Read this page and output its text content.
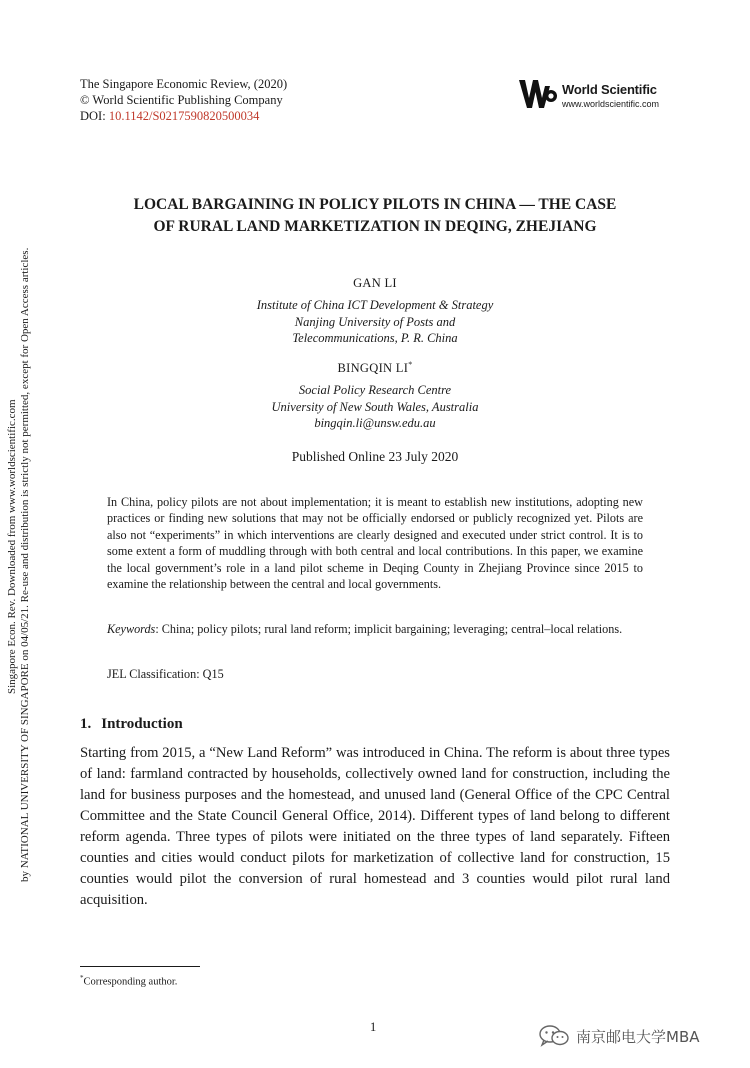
The Singapore Economic Review, (2020)
© World Scientific Publishing Company
DOI: 10.1142/S0217590820500034
World Scientific
www.worldscientific.com
Singapore Econ. Rev. Downloaded from www.worldscientific.com by NATIONAL UNIVERSITY OF SINGAPORE on 04/05/21. Re-use and distribution is strictly not permitted, except for Open Access articles.
LOCAL BARGAINING IN POLICY PILOTS IN CHINA — THE CASE
OF RURAL LAND MARKETIZATION IN DEQING, ZHEJIANG
GAN LI
Institute of China ICT Development & Strategy
Nanjing University of Posts and
Telecommunications, P. R. China
BINGQIN LI*
Social Policy Research Centre
University of New South Wales, Australia
bingqin.li@unsw.edu.au
Published Online 23 July 2020
In China, policy pilots are not about implementation; it is meant to establish new institutions, adopting new practices or finding new solutions that may not be officially endorsed or publicly recognized yet. Pilots are also not “experiments” in which interventions are clearly designed and executed under strict control. It is to some extent a form of muddling through with both central and local contributions. In this paper, we examine the local government’s role in a land pilot scheme in Deqing County in Zhejiang Province since 2015 to examine the relationship between the central and local governments.
Keywords: China; policy pilots; rural land reform; implicit bargaining; leveraging; central–local relations.
JEL Classification: Q15
1. Introduction
Starting from 2015, a “New Land Reform” was introduced in China. The reform is about three types of land: farmland contracted by households, collectively owned land for construction, including the land for business purposes and the homestead, and unused land (General Office of the CPC Central Committee and the State Council General Office, 2014). Different types of land belong to different reform agenda. Three types of pilots were initiated on the three types of land separately. Fifteen counties and cities would conduct pilots for marketization of collective land for construction, 15 counties would pilot the conversion of rural homestead and 3 counties would pilot rural land acquisition.
*Corresponding author.
1
南京邮电大学MBA
